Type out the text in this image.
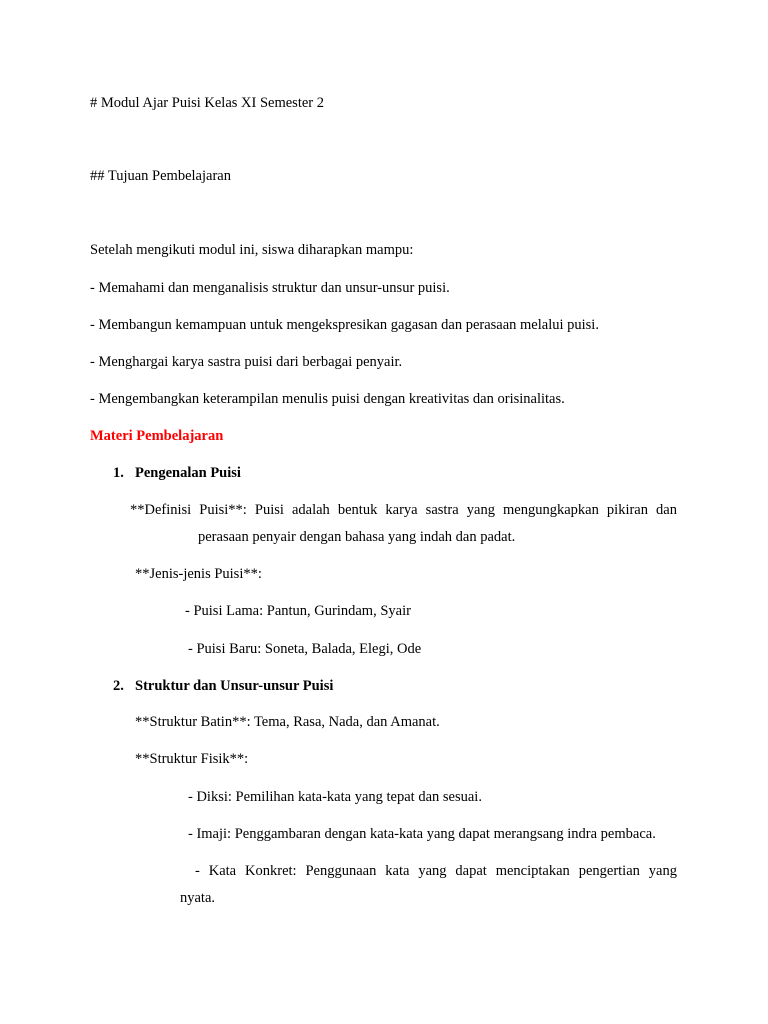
# Modul Ajar Puisi Kelas XI Semester 2
## Tujuan Pembelajaran
Setelah mengikuti modul ini, siswa diharapkan mampu:
- Memahami dan menganalisis struktur dan unsur-unsur puisi.
- Membangun kemampuan untuk mengekspresikan gagasan dan perasaan melalui puisi.
- Menghargai karya sastra puisi dari berbagai penyair.
- Mengembangkan keterampilan menulis puisi dengan kreativitas dan orisinalitas.
Materi Pembelajaran
1. Pengenalan Puisi
**Definisi Puisi**: Puisi adalah bentuk karya sastra yang mengungkapkan pikiran dan
perasaan penyair dengan bahasa yang indah dan padat.
**Jenis-jenis Puisi**:
- Puisi Lama: Pantun, Gurindam, Syair
- Puisi Baru: Soneta, Balada, Elegi, Ode
2. Struktur dan Unsur-unsur Puisi
**Struktur Batin**: Tema, Rasa, Nada, dan Amanat.
**Struktur Fisik**:
- Diksi: Pemilihan kata-kata yang tepat dan sesuai.
- Imaji: Penggambaran dengan kata-kata yang dapat merangsang indra pembaca.
- Kata Konkret: Penggunaan kata yang dapat menciptakan pengertian yang
nyata.
